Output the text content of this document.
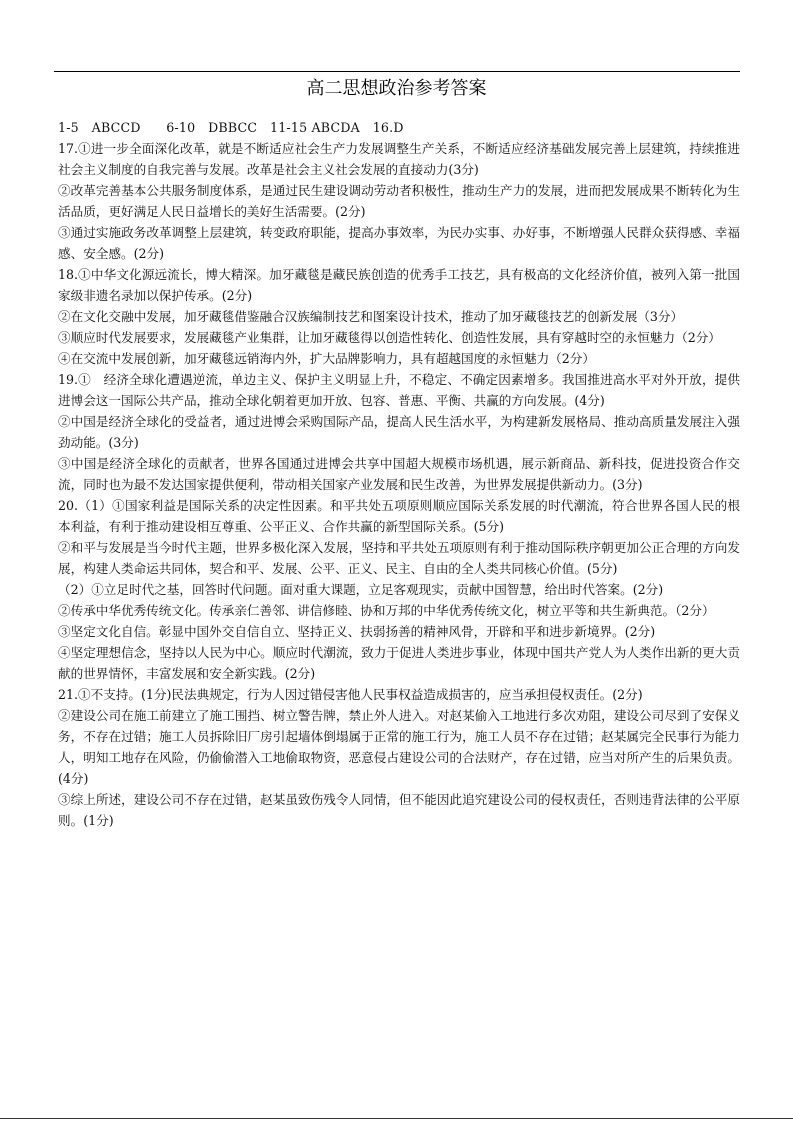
高二思想政治参考答案

1-5　ABCCD　　6-10　DBBCC　11-15 ABCDA　16.D

17.①进一步全面深化改革，就是不断适应社会生产力发展调整生产关系，不断适应经济基础发展完善上层建筑，持续推进社会主义制度的自我完善与发展。改革是社会主义社会发展的直接动力(3分)

②改革完善基本公共服务制度体系，是通过民生建设调动劳动者积极性，推动生产力的发展，进而把发展成果不断转化为生活品质，更好满足人民日益增长的美好生活需要。(2分)

③通过实施政务改革调整上层建筑，转变政府职能，提高办事效率，为民办实事、办好事，不断增强人民群众获得感、幸福感、安全感。(2分)

18.①中华文化源远流长，博大精深。加牙藏毯是藏民族创造的优秀手工技艺，具有极高的文化经济价值，被列入第一批国家级非遗名录加以保护传承。(2分)

②在文化交融中发展，加牙藏毯借鉴融合汉族编制技艺和图案设计技术，推动了加牙藏毯技艺的创新发展（3分）

③顺应时代发展要求，发展藏毯产业集群，让加牙藏毯得以创造性转化、创造性发展，具有穿越时空的永恒魅力（2分）

④在交流中发展创新，加牙藏毯远销海内外，扩大品牌影响力，具有超越国度的永恒魅力（2分）

19.①　经济全球化遭遇逆流，单边主义、保护主义明显上升，不稳定、不确定因素增多。我国推进高水平对外开放，提供进博会这一国际公共产品，推动全球化朝着更加开放、包容、普惠、平衡、共赢的方向发展。(4分)

②中国是经济全球化的受益者，通过进博会采购国际产品，提高人民生活水平，为构建新发展格局、推动高质量发展注入强劲动能。(3分)

③中国是经济全球化的贡献者，世界各国通过进博会共享中国超大规模市场机遇，展示新商品、新科技，促进投资合作交流，同时也为最不发达国家提供便利，带动相关国家产业发展和民生改善，为世界发展提供新动力。(3分)

20.（1）①国家利益是国际关系的决定性因素。和平共处五项原则顺应国际关系发展的时代潮流，符合世界各国人民的根本利益，有利于推动建设相互尊重、公平正义、合作共赢的新型国际关系。(5分)

②和平与发展是当今时代主题，世界多极化深入发展，坚持和平共处五项原则有利于推动国际秩序朝更加公正合理的方向发展，构建人类命运共同体，契合和平、发展、公平、正义、民主、自由的全人类共同核心价值。(5分)

（2）①立足时代之基，回答时代问题。面对重大课题，立足客观现实，贡献中国智慧，给出时代答案。(2分)

②传承中华优秀传统文化。传承亲仁善邻、讲信修睦、协和万邦的中华优秀传统文化，树立平等和共生新典范。（2分）

③坚定文化自信。彰显中国外交自信自立、坚持正义、扶弱扬善的精神风骨，开辟和平和进步新境界。(2分)

④坚定理想信念，坚持以人民为中心。顺应时代潮流，致力于促进人类进步事业，体现中国共产党人为人类作出新的更大贡献的世界情怀，丰富发展和安全新实践。(2分)

21.①不支持。(1分)民法典规定，行为人因过错侵害他人民事权益造成损害的，应当承担侵权责任。(2分)

②建设公司在施工前建立了施工围挡、树立警告牌，禁止外人进入。对赵某偷入工地进行多次劝阻，建设公司尽到了安保义务，不存在过错；施工人员拆除旧厂房引起墙体倒塌属于正常的施工行为，施工人员不存在过错；赵某属完全民事行为能力人，明知工地存在风险，仍偷偷潜入工地偷取物资，恶意侵占建设公司的合法财产，存在过错，应当对所产生的后果负责。(4分)

③综上所述，建设公司不存在过错，赵某虽致伤残令人同情，但不能因此追究建设公司的侵权责任，否则违背法律的公平原则。(1分)
